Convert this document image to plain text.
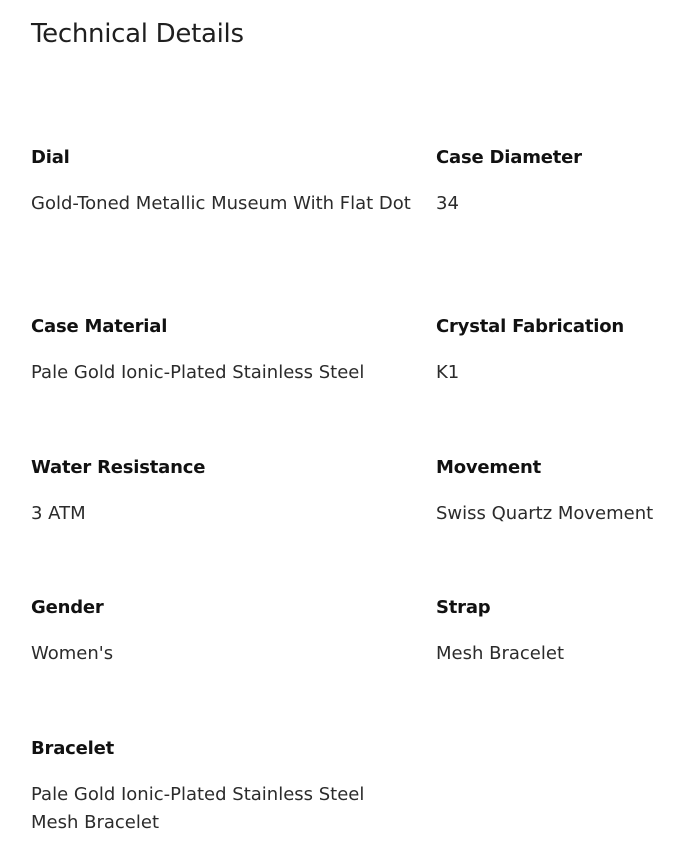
Technical Details
Dial
Gold-Toned Metallic Museum With Flat Dot
Case Diameter
34
Case Material
Pale Gold Ionic-Plated Stainless Steel
Crystal Fabrication
K1
Water Resistance
3 ATM
Movement
Swiss Quartz Movement
Gender
Women's
Strap
Mesh Bracelet
Bracelet
Pale Gold Ionic-Plated Stainless Steel Mesh Bracelet
